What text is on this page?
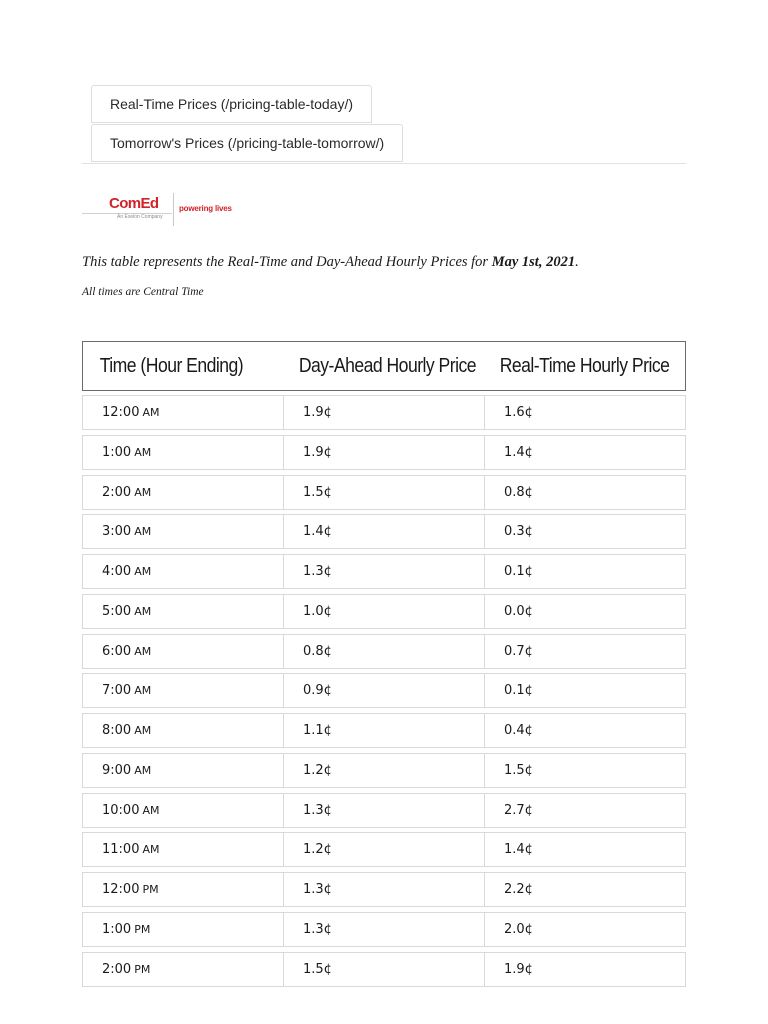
Real-Time Prices (/pricing-table-today/)
Tomorrow's Prices (/pricing-table-tomorrow/)
ComEd
An Exelon Company
powering lives
This table represents the Real-Time and Day-Ahead Hourly Prices for May 1st, 2021.
All times are Central Time
Time (Hour Ending)	Day-Ahead Hourly Price	Real-Time Hourly Price
12:00 AM	1.9¢	1.6¢
1:00 AM	1.9¢	1.4¢
2:00 AM	1.5¢	0.8¢
3:00 AM	1.4¢	0.3¢
4:00 AM	1.3¢	0.1¢
5:00 AM	1.0¢	0.0¢
6:00 AM	0.8¢	0.7¢
7:00 AM	0.9¢	0.1¢
8:00 AM	1.1¢	0.4¢
9:00 AM	1.2¢	1.5¢
10:00 AM	1.3¢	2.7¢
11:00 AM	1.2¢	1.4¢
12:00 PM	1.3¢	2.2¢
1:00 PM	1.3¢	2.0¢
2:00 PM	1.5¢	1.9¢
